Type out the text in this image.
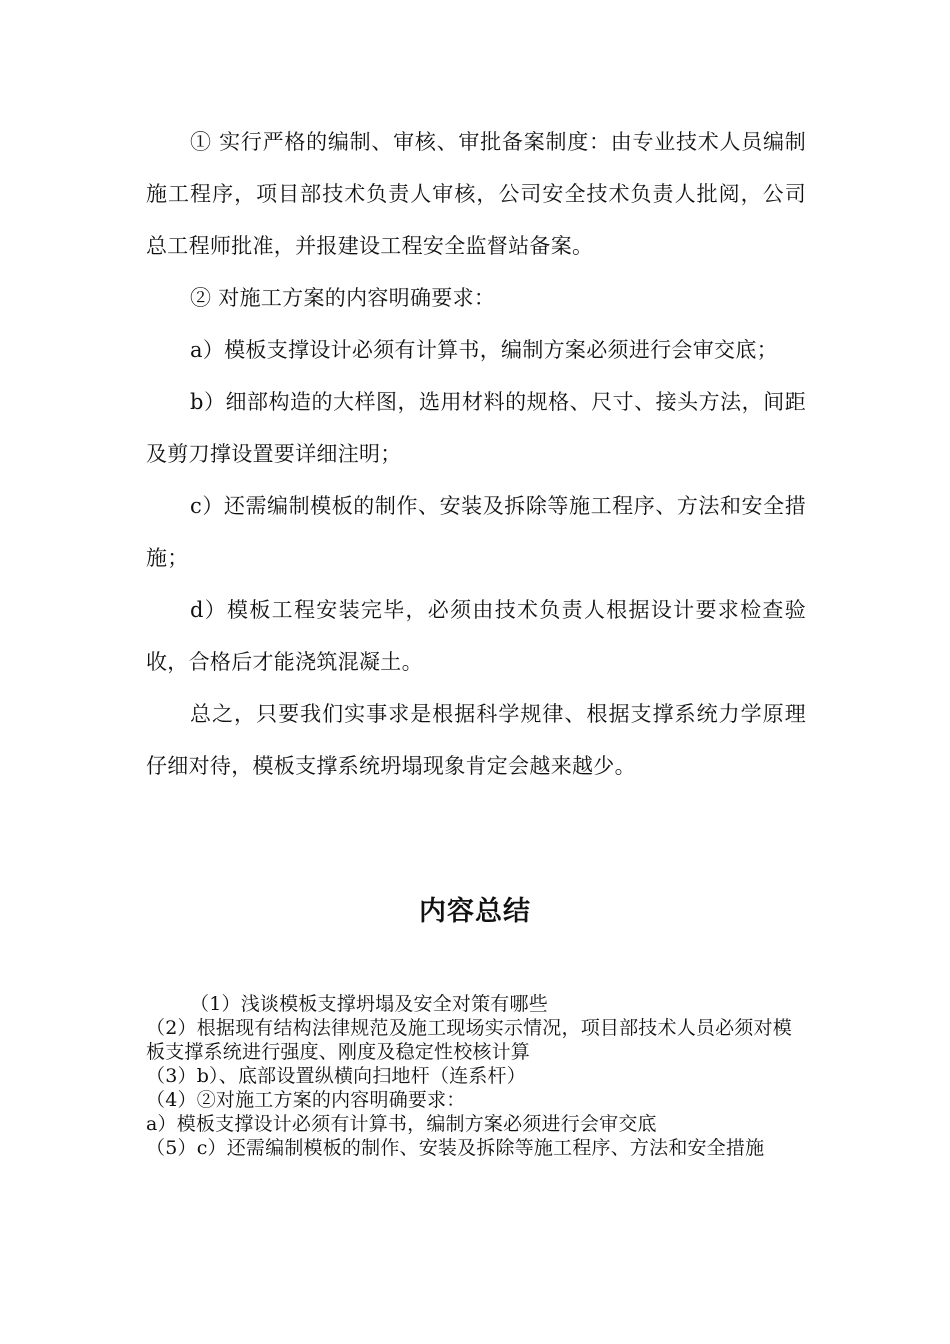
① 实行严格的编制、审核、审批备案制度：由专业技术人员编制施工程序，项目部技术负责人审核，公司安全技术负责人批阅，公司总工程师批准，并报建设工程安全监督站备案。

② 对施工方案的内容明确要求：

a）模板支撑设计必须有计算书，编制方案必须进行会审交底；

b）细部构造的大样图，选用材料的规格、尺寸、接头方法，间距及剪刀撑设置要详细注明；

c）还需编制模板的制作、安装及拆除等施工程序、方法和安全措施；

d）模板工程安装完毕，必须由技术负责人根据设计要求检查验收，合格后才能浇筑混凝土。

总之，只要我们实事求是根据科学规律、根据支撑系统力学原理仔细对待，模板支撑系统坍塌现象肯定会越来越少。

内容总结

（1）浅谈模板支撑坍塌及安全对策有哪些

（2）根据现有结构法律规范及施工现场实示情况，项目部技术人员必须对模板支撑系统进行强度、刚度及稳定性校核计算

（3）b）、底部设置纵横向扫地杆（连系杆）

（4）②对施工方案的内容明确要求：

a）模板支撑设计必须有计算书，编制方案必须进行会审交底

（5）c）还需编制模板的制作、安装及拆除等施工程序、方法和安全措施
